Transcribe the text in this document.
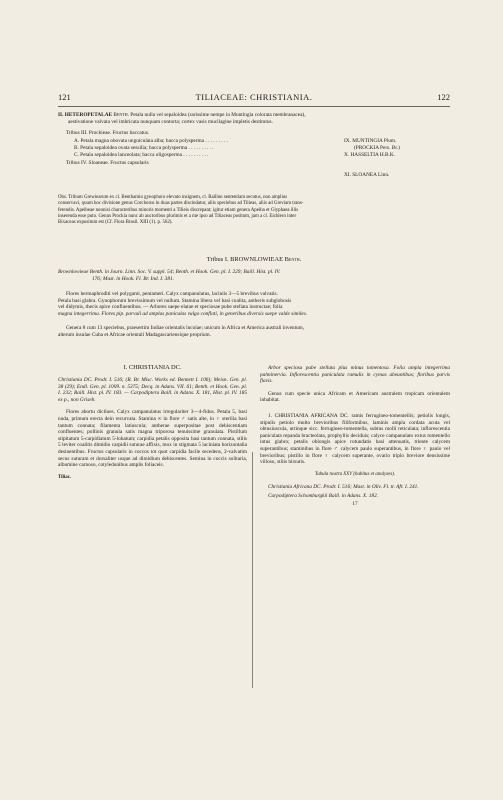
121	TILIACEAE: CHRISTIANIA.	122
II. HETEROPETALAE Benth. Petala nulla vel sepaloidea (rarissime nempe in Muntingia colorata membranacea),
aestivatione valvata vel imbricata nunquam contorta; cortex vasis mucilagine impletis destitutus.
Tribus III. Prockieae. Fructus baccatus.
A. Petala magna obovata unguiculata alba; bacca polysperma . . . . . . . . .	IX. MUNTINGIA Plum.
B. Petala sepaloidea ovata sessilia; bacca polysperma . . . . . . . . . .	(PROCKIA Pers. Br.)
C. Petala sepaloidea lanceolata; bacca oligosperma . . . . . . . . . .	X. HASSELTIA H.B.K.
Tribus IV. Sloaneae. Fructus capsularis
XI. SLOANEA Linn.
Obs. Tribum Grewiearum ex cl. Benthamio gynophoro elevato insignem, cl. Baillon sententiam secutus, non amplius
conservavi, quum hoc divisione genus Corchorus in duas partes discindatur, aliis speciebus ad Tilieas, aliis ad Greviam trans-
ferendis. Apeibeae nonnisi characteribus minoris momenti a Tilieis discrepant; igitur etiam genera Apeiba et Glyphaea illis
inserenda esse puto. Genus Prockia nunc ab auctoribus plurimis et a me ipso ad Tiliaceas positum, jam a cl. Eichlero inter
Bixaceas expositum est (Cf. Flora Brasil. XIII (1). p. 562).
Tribus I. BROWNLOWIEAE Benth.
Brownlowieae Benth. in Journ. Linn. Soc. V. suppl. 54; Benth. et Hook. Gen. pl. I. 229; Baill. Hist. pl. IV.
176; Mast. in Hook. Fl. Br. Ind. I. 381.
Flores hermaphroditi vel polygami, pentameri. Calyx campanulatus, laciniis 3—5 brevibus valvatis.
Petala basi glabra. Gynophorum brevissimum vel nullum. Stamina libera vel basi coalita, antheris subglobosis
vel didymis, thecis apice confluentibus. — Arbores saepe elatae et speciosae pube stellata instructae; folia
magna integerrima. Flores pip. parvuli ad amplas paniculas vulgo conflati, in generibus diversis saepe valde similes.
Genera 8 cum 13 speciebus, praesertim Indiae orientalis incolae; unicum in Africa et America australi inventum,
alterum insulae Cuba et Africae orientali Madagascariensique proprium.
I. CHRISTIANIA DC.

Christiania DC. Prodr. I. 516; (R. Br. Misc. Works ed. Bennett I. 106); Meisn. Gen. pl. 38 (29); Endl. Gen. pl. 1009. n. 5375; Decq. in Adans. VII. 61; Benth. et Hook. Gen. pl. I. 232; Baill. Hist. pl. IV. 183. — Carpodiptera Baill. in Adans. X. 181, Hist. pl. IV. 185 ex p., non Griseb.

Flores abortu diclines. Calyx campanulatus irregulariter 3—4-fidus. Petala 5, basi nuda, primum erecta dein recurvata. Stamina ∞ in flore ♂ satis alte, in ♀ sterilia basi tantum connata; filamenta latiuscula; antherae superpositae post dehiscentiam confluentes; pollinis granula satis magna triporosa tenuissime granulata. Pistillum stipitatum 5-carpidiatum 5-lobatum; carpidia petalis opposita basi tantum connata, stilis 5 leviter coalitis dimidio carpidii suturae affixis, mox in stigmata 5 laciniata horizontalia desinentibus. Fructus capsularis in coccos tot quot carpidia facile secedens, 2-valvatim secus suturam et dorsaliter usque ad dimidium dehiscentes. Semina in coccis solitaria, albumine carnoso, cotyledonibus amplis foliaceis.

Tiliac.

Arbor speciosa pube stellata plus minus tomentosa. Folia ampla integerrima palminervia. Inflorescentia paniculata ramulis in cymas abeuntibus; floribus parvis flavis.

Genus cum specie unica Africam et Americam australem tropicam orientalem inhabitat.

1. CHRISTIANIA AFRICANA DC. ramis ferrugineo-tomentellis; petiolis longis, stipulis petiolo multo brevioribus filiformibus, laminis ampla cordata acuta vel obtusiuscula, utrinque sicc. ferrugineo-tomentella, subtus molli reticulata; inflorescentia paniculata repanda bracteolata, prophyllis deciduis; calyce campanulato extus tomentello intus glabro; petalis oblongis apice rotundatis basi attenuatis, triente calycem superantibus; staminibus in flore ♂ calycem paulo superantibus, in flore ♀ paulo vel brevioribus; pistillo in flore ♀ calycem superante, ovario triplo breviore densissime villoso, stilis hirsutis.

Tabula nostra XXV (habitus et analyses).

Christiania Africana DC. Prodr. I. 516; Mast. in Oliv. Fl. tr. Afr. I. 241.

Carpodiptera Schomburgkii Baill. in Adans. X. 182.

17
